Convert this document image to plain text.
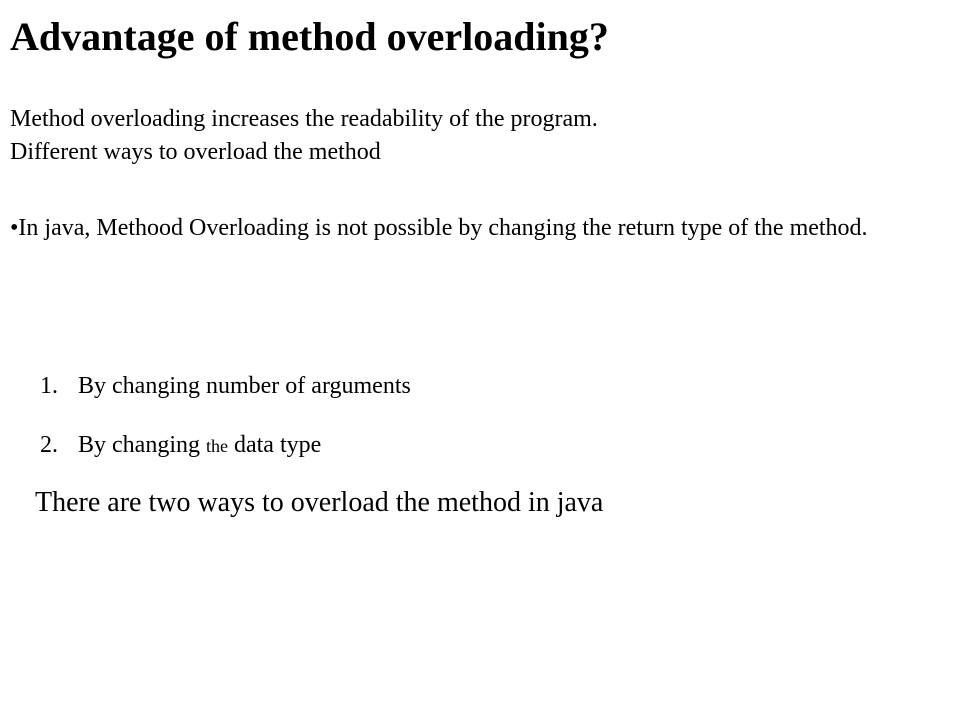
Advantage of method overloading?

Method overloading increases the readability of the program.

Different ways to overload the method

•In java, Methood Overloading is not possible by changing the return type of the method.

1. By changing number of arguments
2. By changing the data type

There are two ways to overload the method in java
